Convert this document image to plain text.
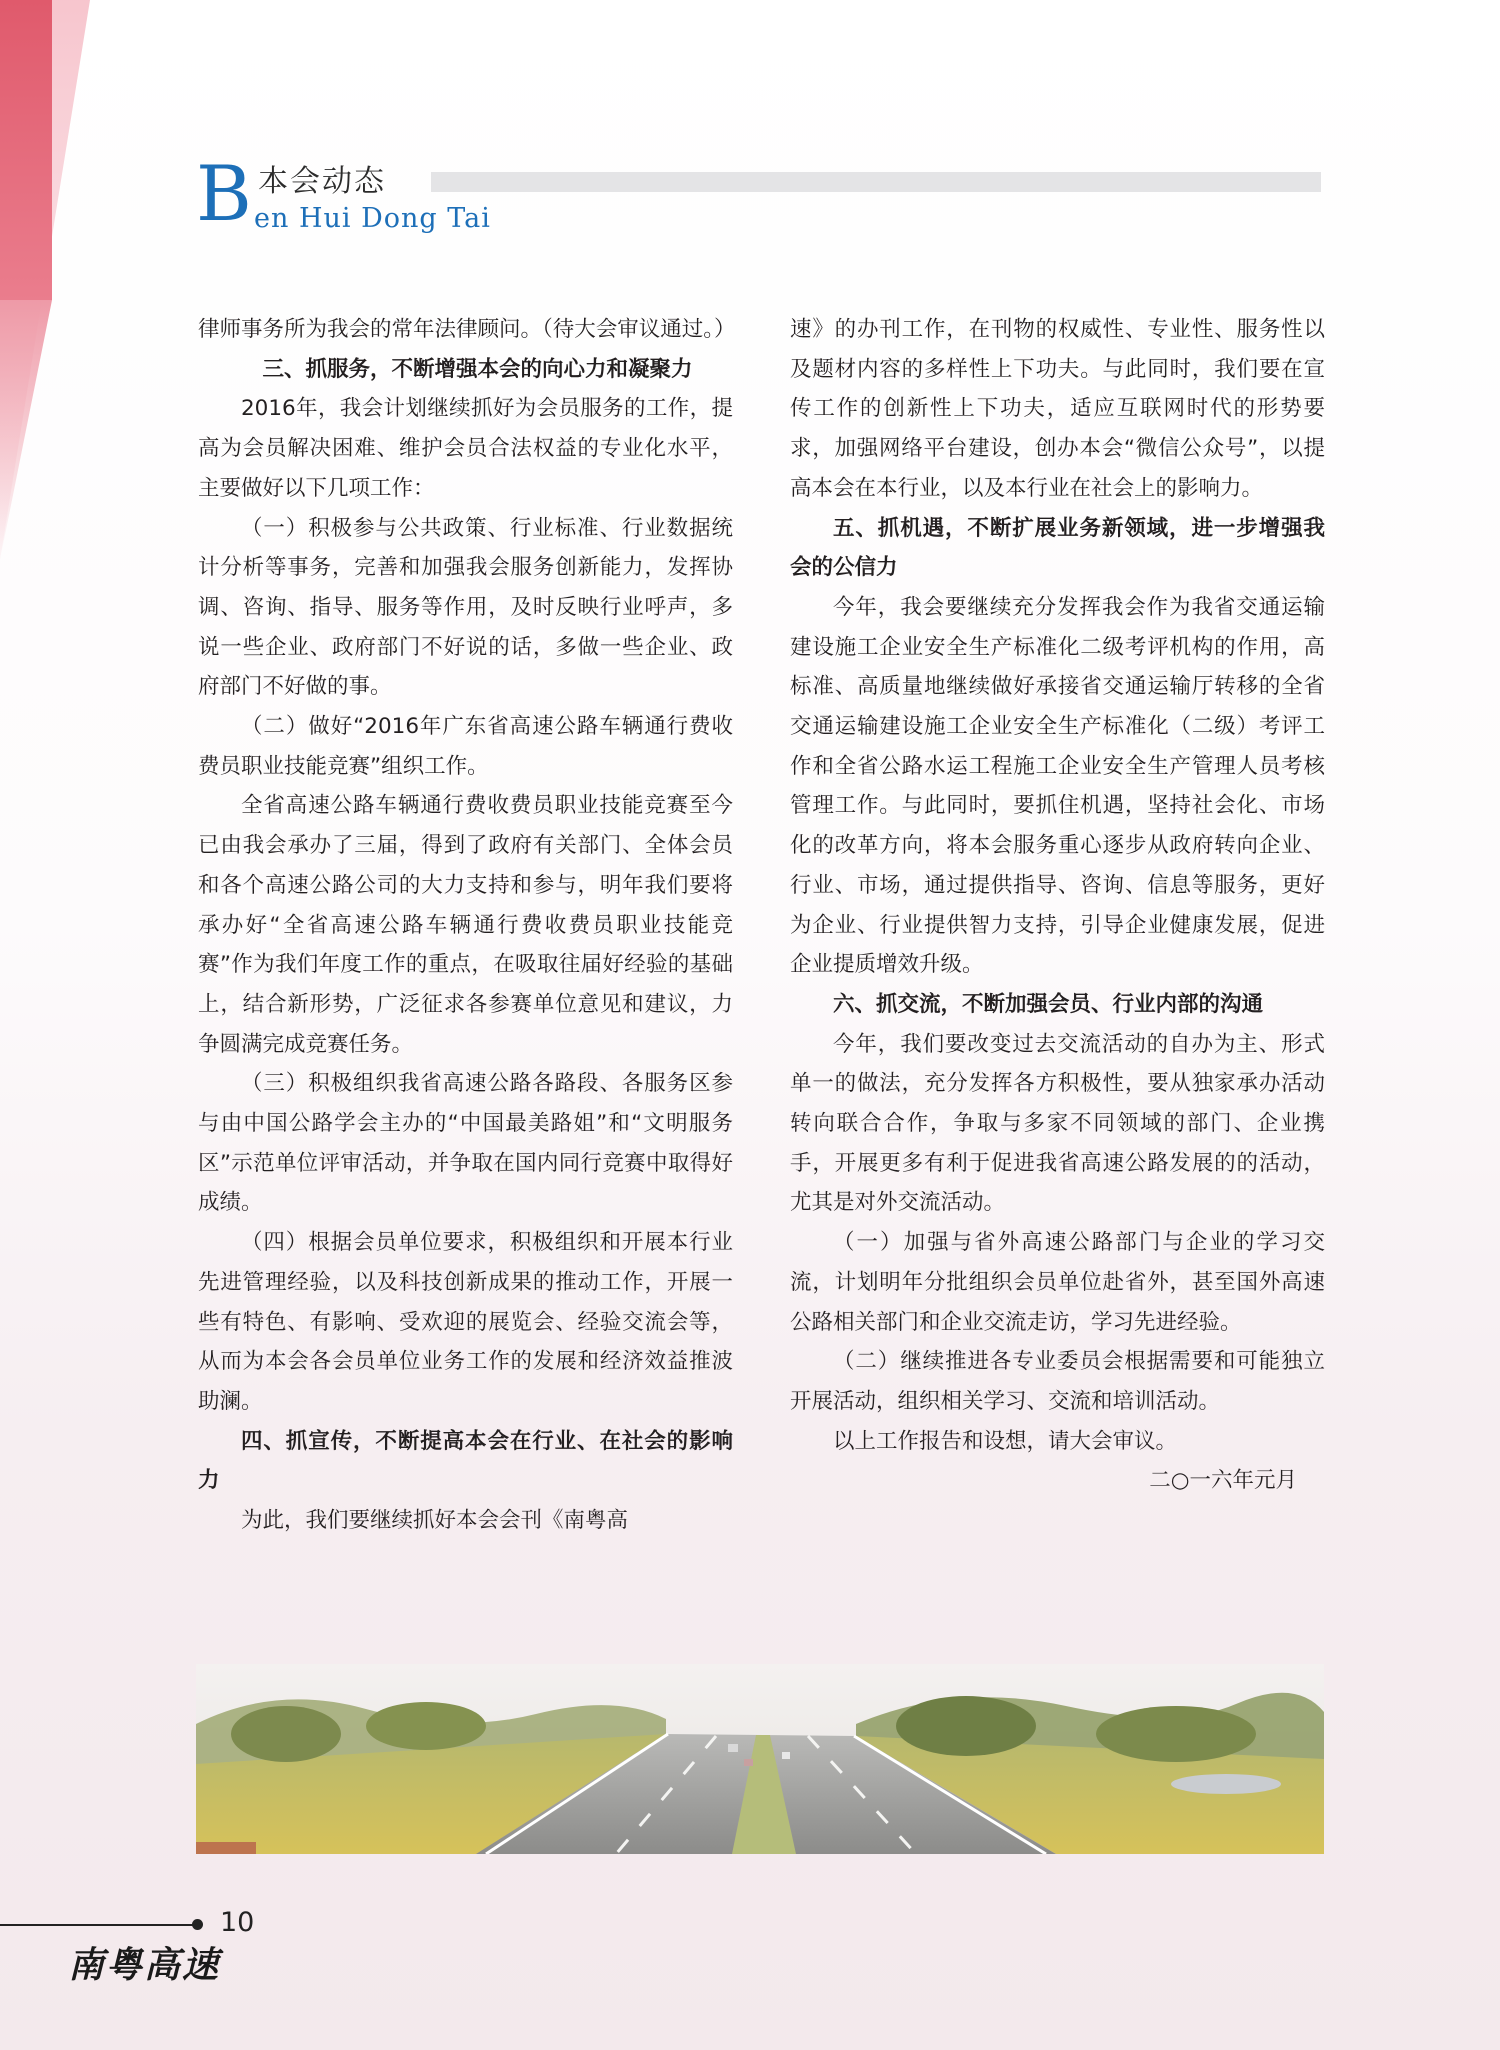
B 本会动态
en Hui Dong Tai

律师事务所为我会的常年法律顾问。（待大会审议通过。）

三、抓服务，不断增强本会的向心力和凝聚力

2016年，我会计划继续抓好为会员服务的工作，提高为会员解决困难、维护会员合法权益的专业化水平，主要做好以下几项工作：

（一）积极参与公共政策、行业标准、行业数据统计分析等事务，完善和加强我会服务创新能力，发挥协调、咨询、指导、服务等作用，及时反映行业呼声，多说一些企业、政府部门不好说的话，多做一些企业、政府部门不好做的事。

（二）做好“2016年广东省高速公路车辆通行费收费员职业技能竞赛”组织工作。

全省高速公路车辆通行费收费员职业技能竞赛至今已由我会承办了三届，得到了政府有关部门、全体会员和各个高速公路公司的大力支持和参与，明年我们要将承办好“全省高速公路车辆通行费收费员职业技能竞赛”作为我们年度工作的重点，在吸取往届好经验的基础上，结合新形势，广泛征求各参赛单位意见和建议，力争圆满完成竞赛任务。

（三）积极组织我省高速公路各路段、各服务区参与由中国公路学会主办的“中国最美路姐”和“文明服务区”示范单位评审活动，并争取在国内同行竞赛中取得好成绩。

（四）根据会员单位要求，积极组织和开展本行业先进管理经验，以及科技创新成果的推动工作，开展一些有特色、有影响、受欢迎的展览会、经验交流会等，从而为本会各会员单位业务工作的发展和经济效益推波助澜。

四、抓宣传，不断提高本会在行业、在社会的影响力

为此，我们要继续抓好本会会刊《南粤高

速》的办刊工作，在刊物的权威性、专业性、服务性以及题材内容的多样性上下功夫。与此同时，我们要在宣传工作的创新性上下功夫，适应互联网时代的形势要求，加强网络平台建设，创办本会“微信公众号”，以提高本会在本行业，以及本行业在社会上的影响力。

五、抓机遇，不断扩展业务新领域，进一步增强我会的公信力

今年，我会要继续充分发挥我会作为我省交通运输建设施工企业安全生产标准化二级考评机构的作用，高标准、高质量地继续做好承接省交通运输厅转移的全省交通运输建设施工企业安全生产标准化（二级）考评工作和全省公路水运工程施工企业安全生产管理人员考核管理工作。与此同时，要抓住机遇，坚持社会化、市场化的改革方向，将本会服务重心逐步从政府转向企业、行业、市场，通过提供指导、咨询、信息等服务，更好为企业、行业提供智力支持，引导企业健康发展，促进企业提质增效升级。

六、抓交流，不断加强会员、行业内部的沟通

今年，我们要改变过去交流活动的自办为主、形式单一的做法，充分发挥各方积极性，要从独家承办活动转向联合合作，争取与多家不同领域的部门、企业携手，开展更多有利于促进我省高速公路发展的的活动，尤其是对外交流活动。

（一）加强与省外高速公路部门与企业的学习交流，计划明年分批组织会员单位赴省外，甚至国外高速公路相关部门和企业交流走访，学习先进经验。

（二）继续推进各专业委员会根据需要和可能独立开展活动，组织相关学习、交流和培训活动。

以上工作报告和设想，请大会审议。

二○一六年元月

10
南粤高速
